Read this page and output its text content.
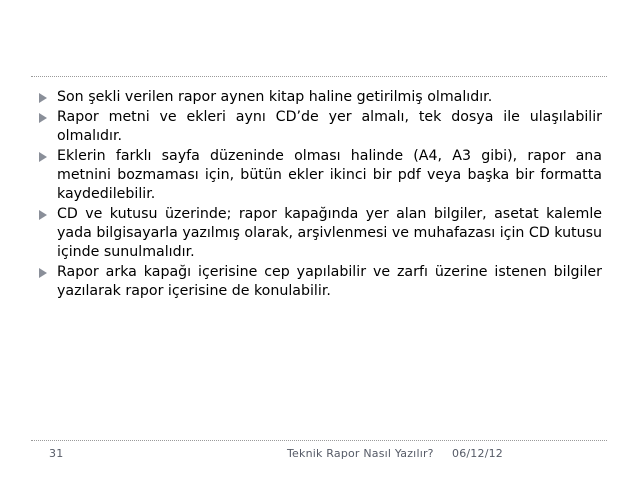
Son şekli verilen rapor aynen kitap haline getirilmiş olmalıdır.
Rapor metni ve ekleri aynı CD’de yer almalı, tek dosya ile ulaşılabilir olmalıdır.
Eklerin farklı sayfa düzeninde olması halinde (A4, A3 gibi), rapor ana metnini bozmaması için, bütün ekler ikinci bir pdf veya başka bir formatta kaydedilebilir.
CD ve kutusu üzerinde; rapor kapağında yer alan bilgiler, asetat kalemle yada bilgisayarla yazılmış olarak, arşivlenmesi ve muhafazası için CD kutusu içinde sunulmalıdır.
Rapor arka kapağı içerisine cep yapılabilir ve zarfı üzerine istenen bilgiler yazılarak rapor içerisine de konulabilir.
31	Teknik Rapor Nasıl Yazılır? 06/12/12
